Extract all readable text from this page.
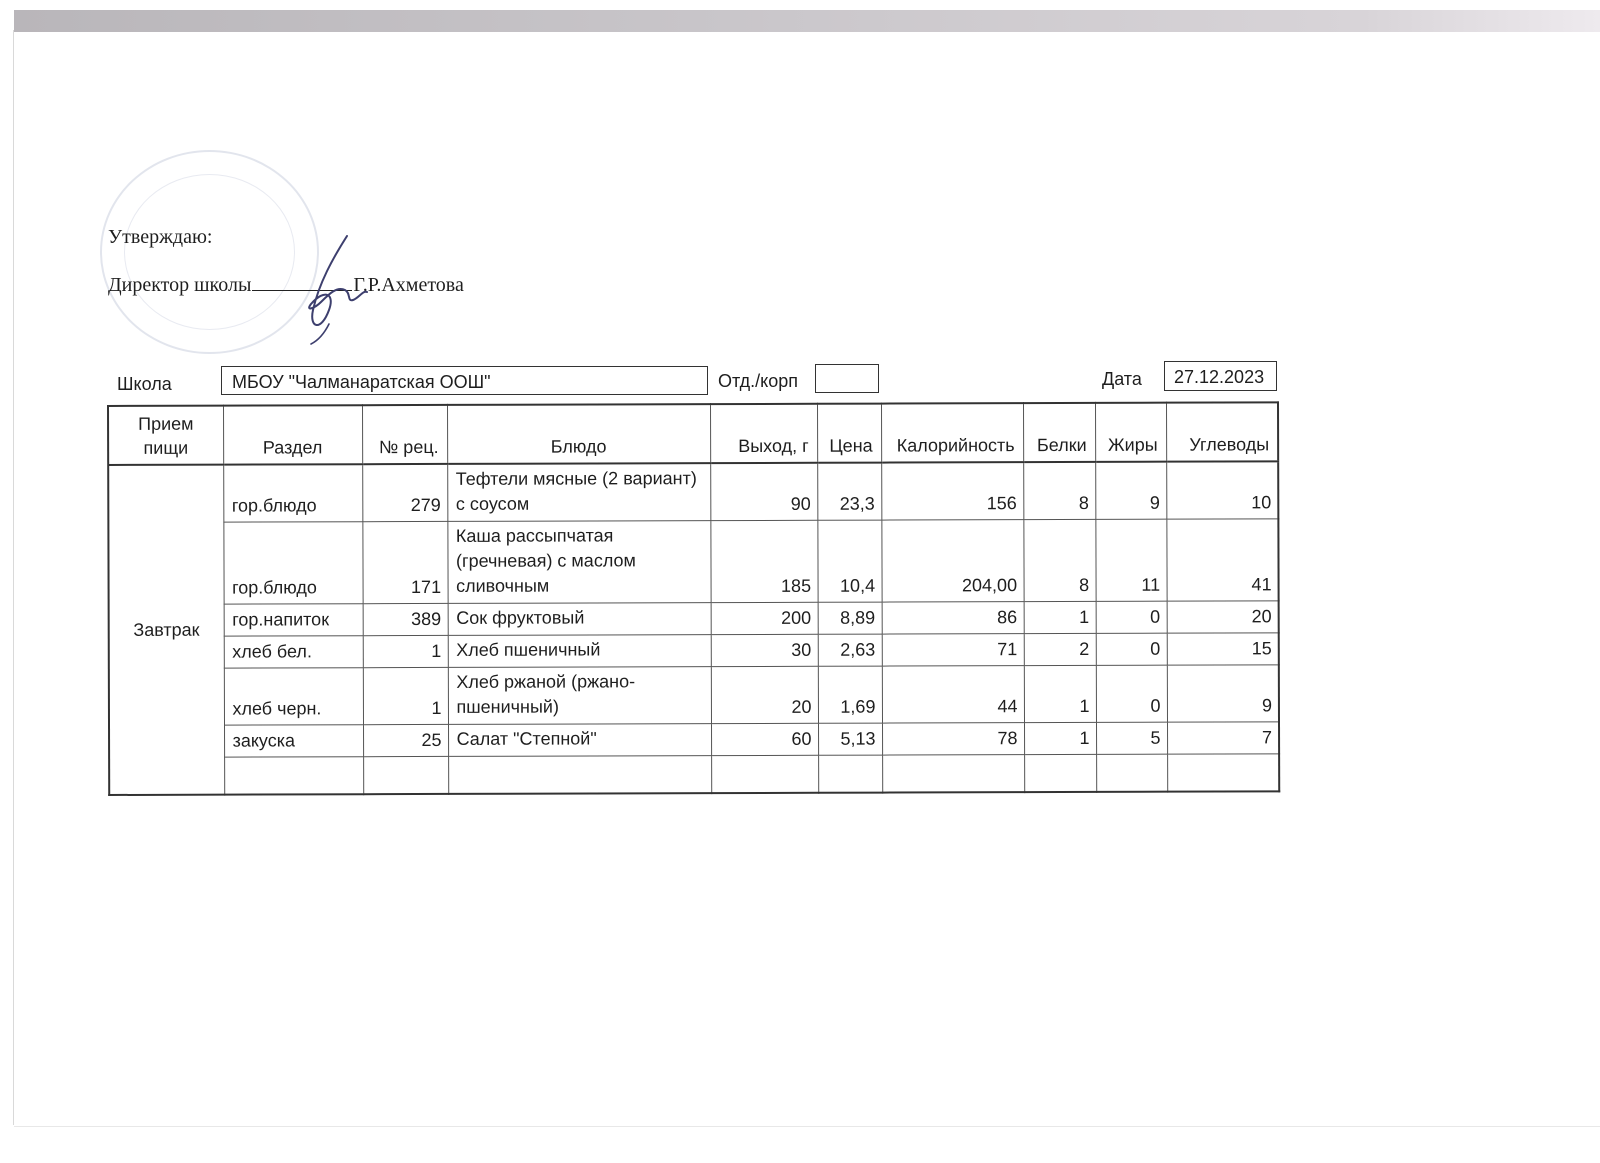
Утверждаю:
Директор школы	Г.Р.Ахметова
Школа	МБОУ "Чалманаратская ООШ"	Отд./корп	Дата	27.12.2023
Прием пищи	Раздел	№ рец.	Блюдо	Выход, г	Цена	Калорийность	Белки	Жиры	Углеводы
Завтрак	гор.блюдо	279	Тефтели мясные (2 вариант) с соусом	90	23,3	156	8	9	10
	гор.блюдо	171	Каша рассыпчатая (гречневая) с маслом сливочным	185	10,4	204,00	8	11	41
	гор.напиток	389	Сок фруктовый	200	8,89	86	1	0	20
	хлеб бел.	1	Хлеб пшеничный	30	2,63	71	2	0	15
	хлеб черн.	1	Хлеб ржаной (ржано-пшеничный)	20	1,69	44	1	0	9
	закуска	25	Салат "Степной"	60	5,13	78	1	5	7
